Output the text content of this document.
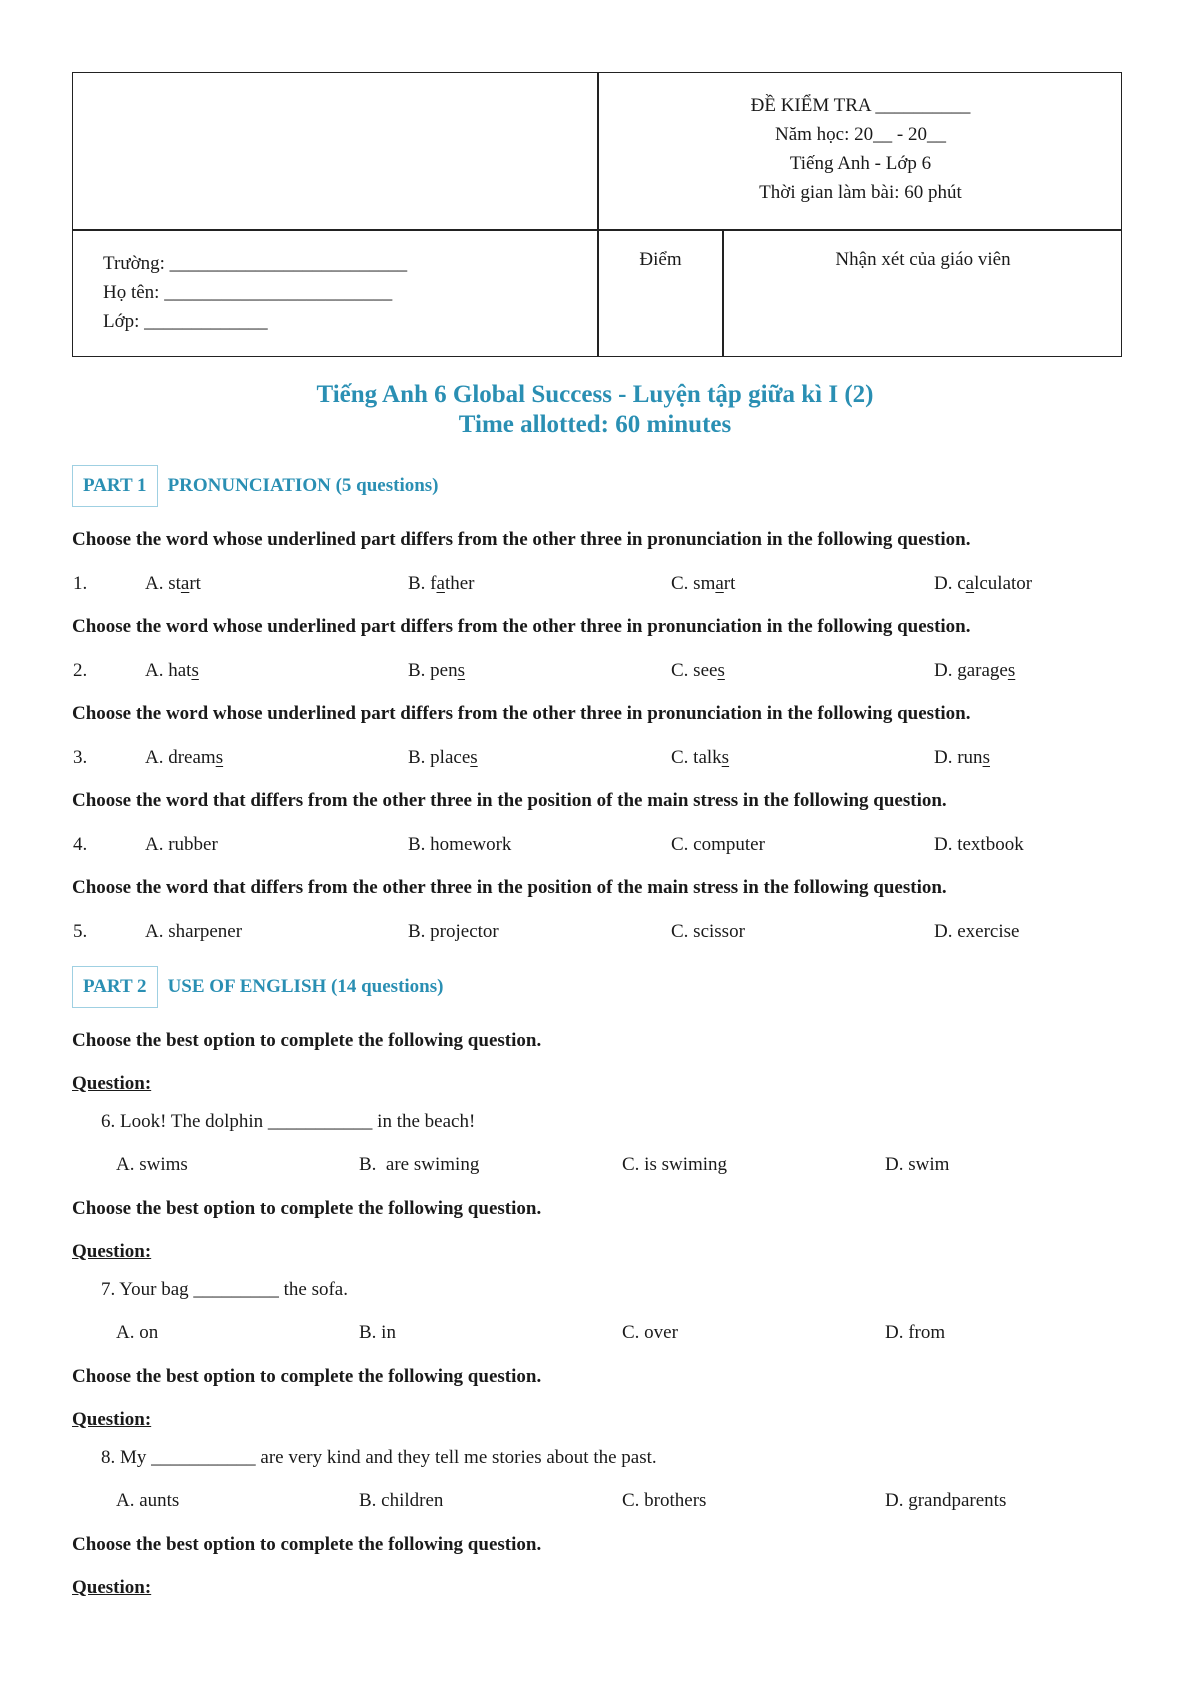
ĐỀ KIỂM TRA __________
Năm học: 20__ - 20__
Tiếng Anh - Lớp 6
Thời gian làm bài: 60 phút
Trường: _________________________
Họ tên: ________________________
Lớp: _____________
Điểm	Nhận xét của giáo viên
Tiếng Anh 6 Global Success - Luyện tập giữa kì I (2)
Time allotted: 60 minutes
PART 1	PRONUNCIATION (5 questions)
Choose the word whose underlined part differs from the other three in pronunciation in the following question.
1.	A. start	B. father	C. smart	D. calculator
Choose the word whose underlined part differs from the other three in pronunciation in the following question.
2.	A. hats	B. pens	C. sees	D. garages
Choose the word whose underlined part differs from the other three in pronunciation in the following question.
3.	A. dreams	B. places	C. talks	D. runs
Choose the word that differs from the other three in the position of the main stress in the following question.
4.	A. rubber	B. homework	C. computer	D. textbook
Choose the word that differs from the other three in the position of the main stress in the following question.
5.	A. sharpener	B. projector	C. scissor	D. exercise
PART 2	USE OF ENGLISH (14 questions)
Choose the best option to complete the following question.
Question:
6. Look! The dolphin ___________ in the beach!
A. swims	B.  are swiming	C. is swiming	D. swim
Choose the best option to complete the following question.
Question:
7. Your bag _________ the sofa.
A. on	B. in	C. over	D. from
Choose the best option to complete the following question.
Question:
8. My ___________ are very kind and they tell me stories about the past.
A. aunts	B. children	C. brothers	D. grandparents
Choose the best option to complete the following question.
Question:
